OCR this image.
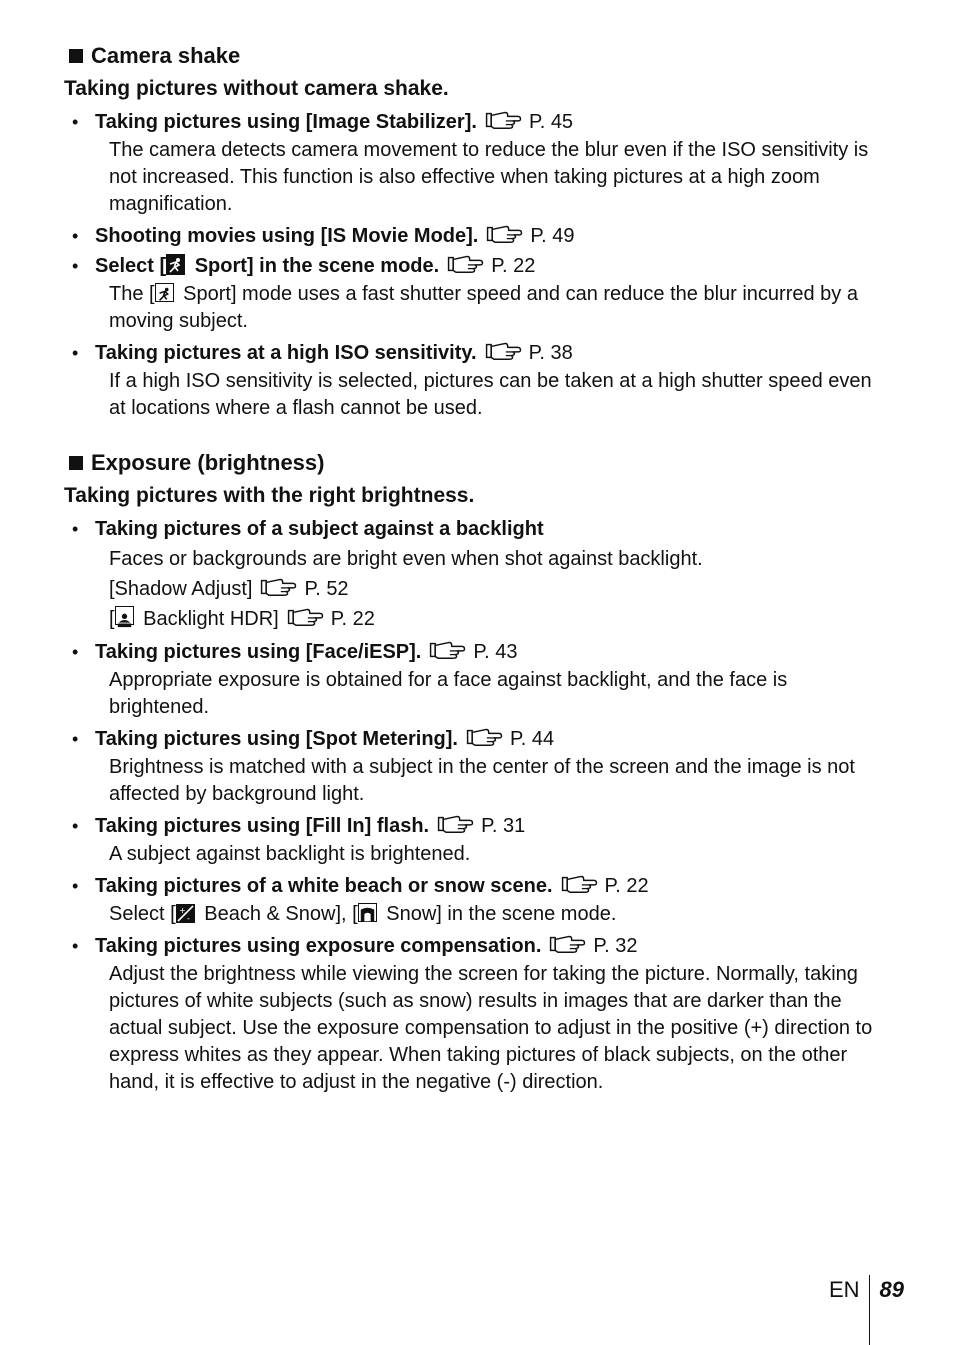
Camera shake
Taking pictures without camera shake.
• Taking pictures using [Image Stabilizer].	P. 45
The camera detects camera movement to reduce the blur even if the ISO sensitivity is not increased. This function is also effective when taking pictures at a high zoom magnification.
• Shooting movies using [IS Movie Mode].	P. 49
• Select [ Sport] in the scene mode.	P. 22
The [ Sport] mode uses a fast shutter speed and can reduce the blur incurred by a moving subject.
• Taking pictures at a high ISO sensitivity.	P. 38
If a high ISO sensitivity is selected, pictures can be taken at a high shutter speed even at locations where a flash cannot be used.
Exposure (brightness)
Taking pictures with the right brightness.
• Taking pictures of a subject against a backlight
Faces or backgrounds are bright even when shot against backlight.
[Shadow Adjust]	P. 52
[ Backlight HDR]	P. 22
• Taking pictures using [Face/iESP].	P. 43
Appropriate exposure is obtained for a face against backlight, and the face is brightened.
• Taking pictures using [Spot Metering].	P. 44
Brightness is matched with a subject in the center of the screen and the image is not affected by background light.
• Taking pictures using [Fill In] flash.	P. 31
A subject against backlight is brightened.
• Taking pictures of a white beach or snow scene.	P. 22
Select [ +
- Beach & Snow], [ Snow] in the scene mode.
• Taking pictures using exposure compensation.	P. 32
Adjust the brightness while viewing the screen for taking the picture. Normally, taking pictures of white subjects (such as snow) results in images that are darker than the actual subject. Use the exposure compensation to adjust in the positive (+) direction to express whites as they appear. When taking pictures of black subjects, on the other hand, it is effective to adjust in the negative (-) direction.
EN 89
